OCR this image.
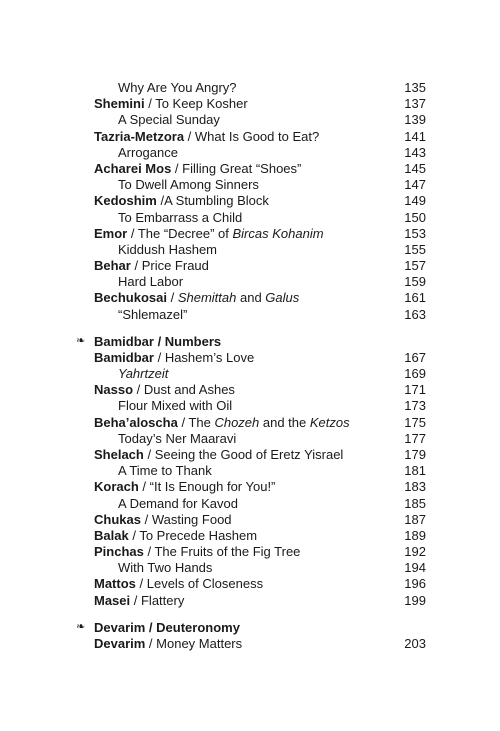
Why Are You Angry?	135
Shemini / To Keep Kosher	137
A Special Sunday	139
Tazria-Metzora / What Is Good to Eat?	141
Arrogance	143
Acharei Mos / Filling Great “Shoes”	145
To Dwell Among Sinners	147
Kedoshim /A Stumbling Block	149
To Embarrass a Child	150
Emor / The “Decree” of Bircas Kohanim	153
Kiddush Hashem	155
Behar / Price Fraud	157
Hard Labor	159
Bechukosai / Shemittah and Galus	161
“Shlemazel”	163
❧ Bamidbar / Numbers
Bamidbar / Hashem’s Love	167
Yahrtzeit	169
Nasso / Dust and Ashes	171
Flour Mixed with Oil	173
Beha’aloscha / The Chozeh and the Ketzos	175
Today’s Ner Maaravi	177
Shelach / Seeing the Good of Eretz Yisrael	179
A Time to Thank	181
Korach / “It Is Enough for You!”	183
A Demand for Kavod	185
Chukas / Wasting Food	187
Balak / To Precede Hashem	189
Pinchas / The Fruits of the Fig Tree	192
With Two Hands	194
Mattos / Levels of Closeness	196
Masei / Flattery	199
❧ Devarim / Deuteronomy
Devarim / Money Matters	203
